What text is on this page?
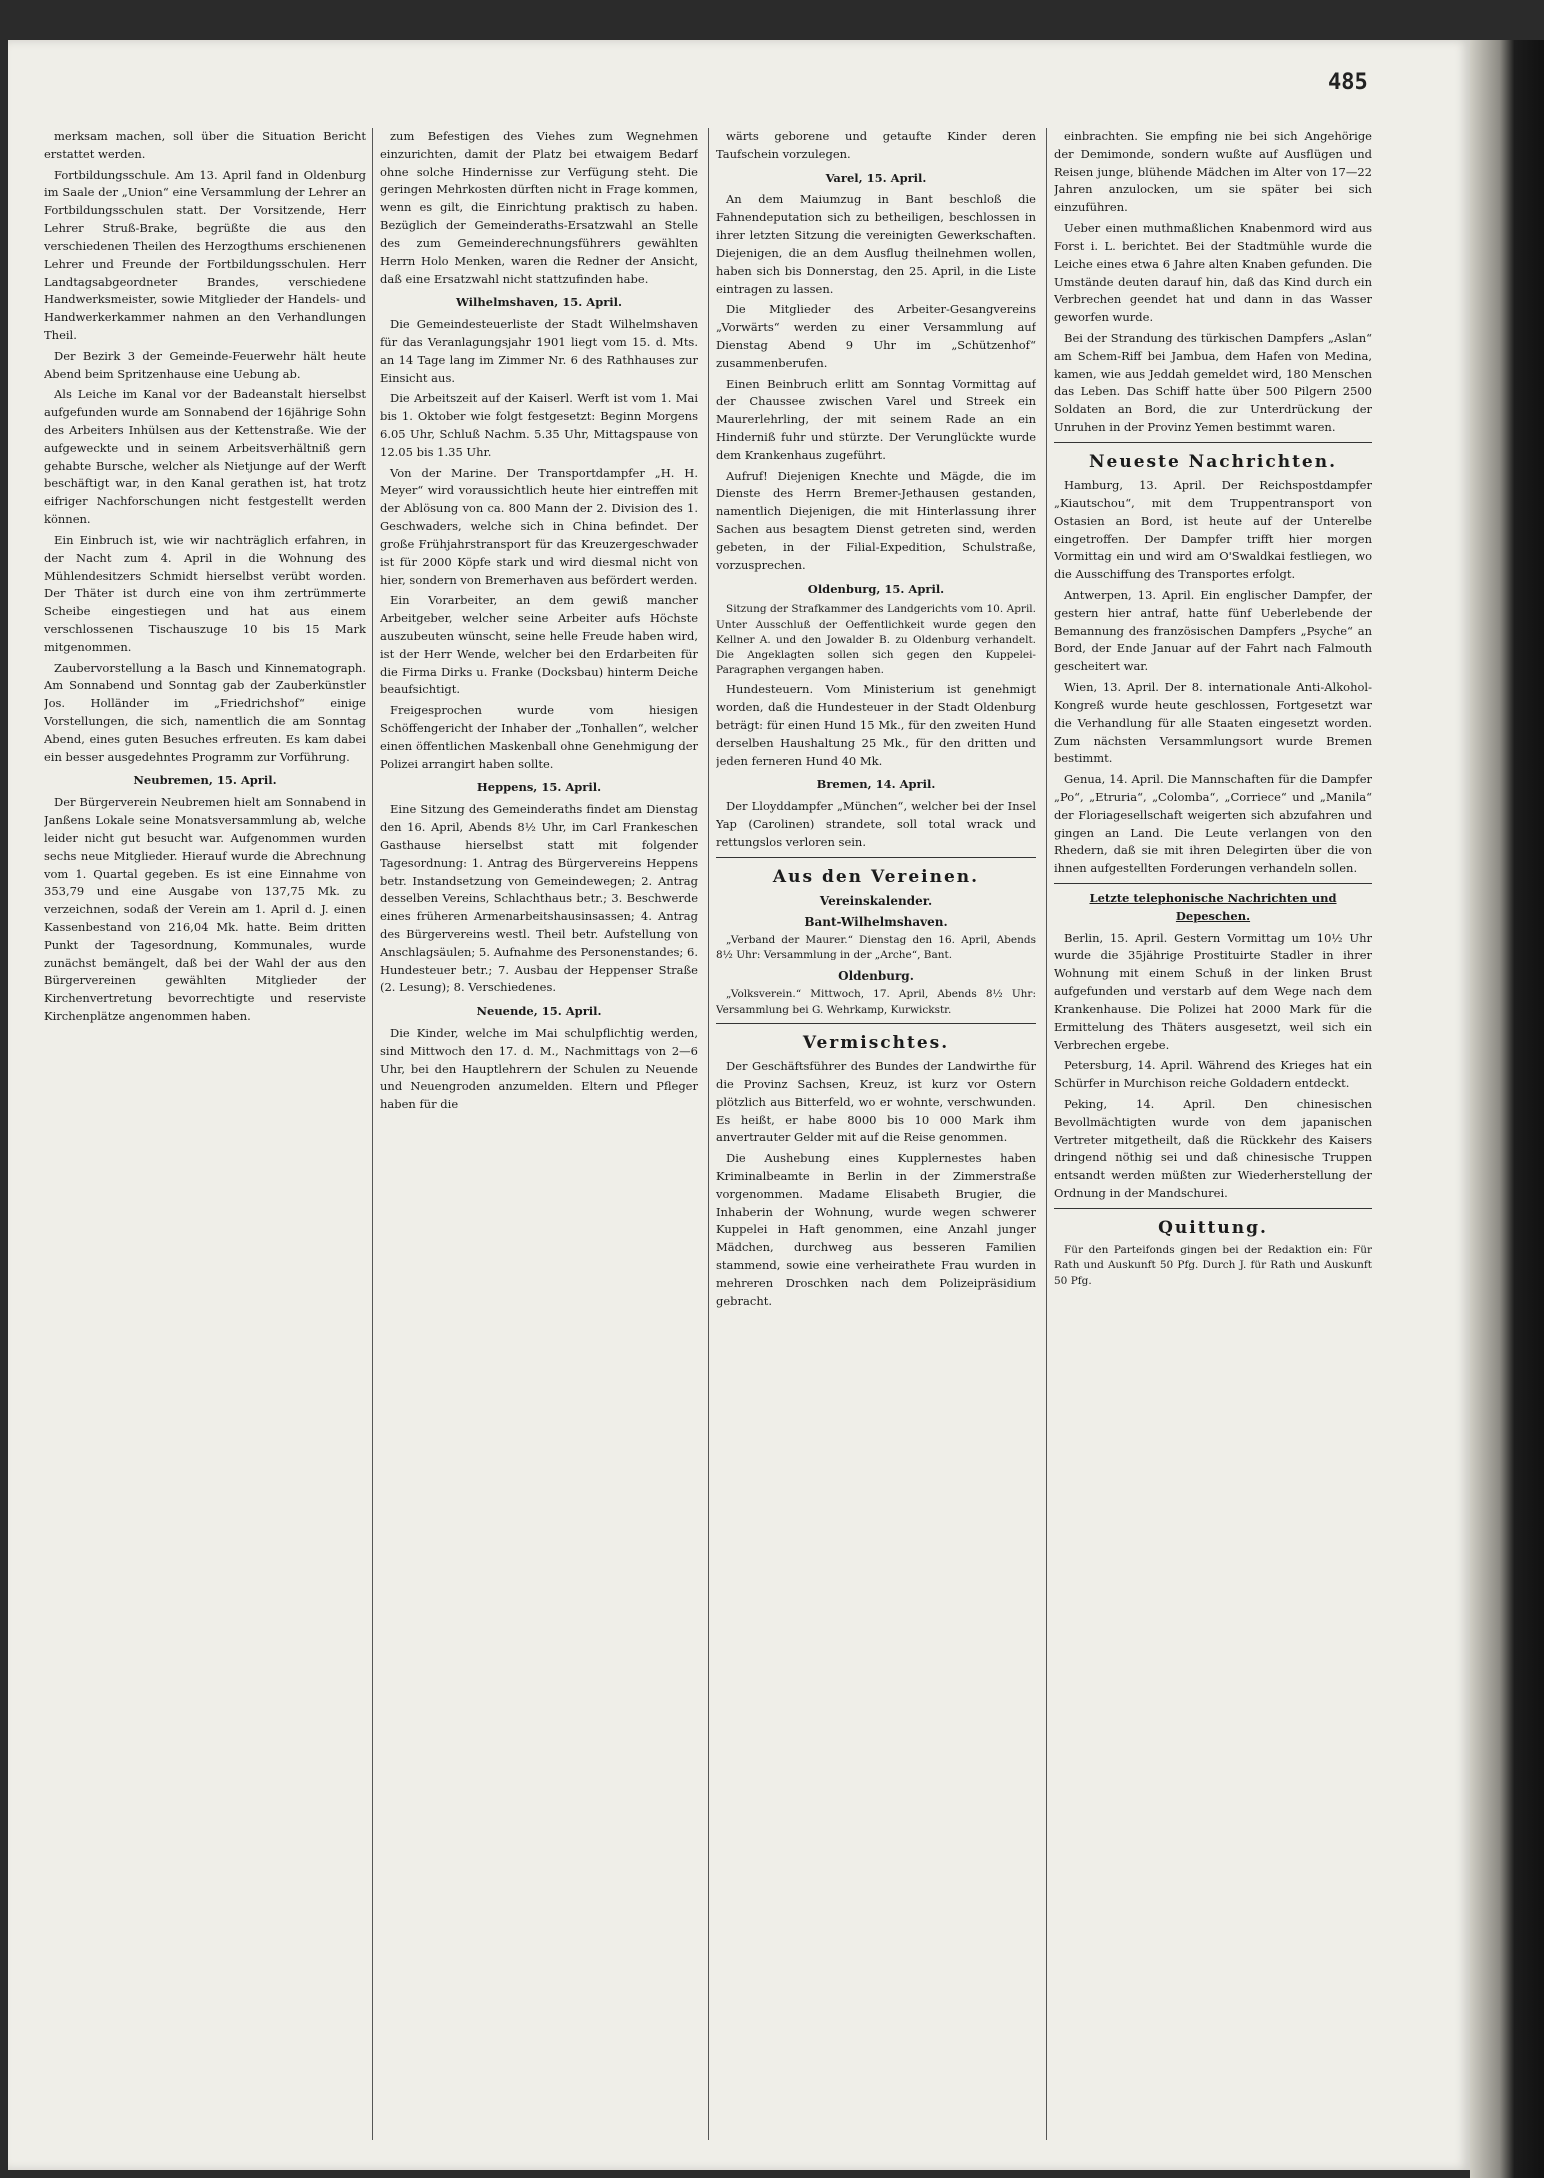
485

merksam machen, soll über die Situation Bericht erstattet werden.

Fortbildungsschule. Am 13. April fand in Oldenburg im Saale der „Union“ eine Versammlung der Lehrer an Fortbildungsschulen statt. Der Vorsitzende, Herr Lehrer Struß-Brake, begrüßte die aus den verschiedenen Theilen des Herzogthums erschienenen Lehrer und Freunde der Fortbildungsschulen. Herr Landtagsabgeordneter Brandes, verschiedene Handwerksmeister, sowie Mitglieder der Handels- und Handwerkerkammer nahmen an den Verhandlungen Theil.

Der Bezirk 3 der Gemeinde-Feuerwehr hält heute Abend beim Spritzenhause eine Uebung ab.

Als Leiche im Kanal vor der Badeanstalt hierselbst aufgefunden wurde am Sonnabend der 16jährige Sohn des Arbeiters Inhülsen aus der Kettenstraße. Wie der aufgeweckte und in seinem Arbeitsverhältniß gern gehabte Bursche, welcher als Nietjunge auf der Werft beschäftigt war, in den Kanal gerathen ist, hat trotz eifriger Nachforschungen nicht festgestellt werden können.

Ein Einbruch ist, wie wir nachträglich erfahren, in der Nacht zum 4. April in die Wohnung des Mühlendesitzers Schmidt hierselbst verübt worden. Der Thäter ist durch eine von ihm zertrümmerte Scheibe eingestiegen und hat aus einem verschlossenen Tischauszuge 10 bis 15 Mark mitgenommen.

Zaubervorstellung a la Basch und Kinnematograph. Am Sonnabend und Sonntag gab der Zauberkünstler Jos. Holländer im „Friedrichshof“ einige Vorstellungen, die sich, namentlich die am Sonntag Abend, eines guten Besuches erfreuten. Es kam dabei ein besser ausgedehntes Programm zur Vorführung.

Neubremen, 15. April.

Der Bürgerverein Neubremen hielt am Sonnabend in Janßens Lokale seine Monatsversammlung ab, welche leider nicht gut besucht war. Aufgenommen wurden sechs neue Mitglieder. Hierauf wurde die Abrechnung vom 1. Quartal gegeben. Es ist eine Einnahme von 353,79 und eine Ausgabe von 137,75 Mk. zu verzeichnen, sodaß der Verein am 1. April d. J. einen Kassenbestand von 216,04 Mk. hatte. Beim dritten Punkt der Tagesordnung, Kommunales, wurde zunächst bemängelt, daß bei der Wahl der aus den Bürgervereinen gewählten Mitglieder der Kirchenvertretung bevorrechtigte und reserviste Kirchenplätze angenommen haben.

zum Befestigen des Viehes zum Wegnehmen einzurichten, damit der Platz bei etwaigem Bedarf ohne solche Hindernisse zur Verfügung steht. Die geringen Mehrkosten dürften nicht in Frage kommen, wenn es gilt, die Einrichtung praktisch zu haben. Bezüglich der Gemeinderaths-Ersatzwahl an Stelle des zum Gemeinderechnungsführers gewählten Herrn Holo Menken, waren die Redner der Ansicht, daß eine Ersatzwahl nicht stattzufinden habe.

Wilhelmshaven, 15. April.

Die Gemeindesteuerliste der Stadt Wilhelmshaven für das Veranlagungsjahr 1901 liegt vom 15. d. Mts. an 14 Tage lang im Zimmer Nr. 6 des Rathhauses zur Einsicht aus.

Die Arbeitszeit auf der Kaiserl. Werft ist vom 1. Mai bis 1. Oktober wie folgt festgesetzt: Beginn Morgens 6.05 Uhr, Schluß Nachm. 5.35 Uhr, Mittagspause von 12.05 bis 1.35 Uhr.

Von der Marine. Der Transportdampfer „H. H. Meyer“ wird voraussichtlich heute hier eintreffen mit der Ablösung von ca. 800 Mann der 2. Division des 1. Geschwaders, welche sich in China befindet. Der große Frühjahrstransport für das Kreuzergeschwader ist für 2000 Köpfe stark und wird diesmal nicht von hier, sondern von Bremerhaven aus befördert werden.

Ein Vorarbeiter, an dem gewiß mancher Arbeitgeber, welcher seine Arbeiter aufs Höchste auszubeuten wünscht, seine helle Freude haben wird, ist der Herr Wende, welcher bei den Erdarbeiten für die Firma Dirks u. Franke (Docksbau) hinterm Deiche beaufsichtigt.

Freigesprochen wurde vom hiesigen Schöffengericht der Inhaber der „Tonhallen“, welcher einen öffentlichen Maskenball ohne Genehmigung der Polizei arrangirt haben sollte.

Heppens, 15. April.

Eine Sitzung des Gemeinderaths findet am Dienstag den 16. April, Abends 8½ Uhr, im Carl Frankeschen Gasthause hierselbst statt mit folgender Tagesordnung: 1. Antrag des Bürgervereins Heppens betr. Instandsetzung von Gemeindewegen; 2. Antrag desselben Vereins, Schlachthaus betr.; 3. Beschwerde eines früheren Armenarbeitshausinsassen; 4. Antrag des Bürgervereins westl. Theil betr. Aufstellung von Anschlagsäulen; 5. Aufnahme des Personenstandes; 6. Hundesteuer betr.; 7. Ausbau der Heppenser Straße (2. Lesung); 8. Verschiedenes.

Neuende, 15. April.

Die Kinder, welche im Mai schulpflichtig werden, sind Mittwoch den 17. d. M., Nachmittags von 2—6 Uhr, bei den Hauptlehrern der Schulen zu Neuende und Neuengroden anzumelden. Eltern und Pfleger haben für die

wärts geborene und getaufte Kinder deren Taufschein vorzulegen.

Varel, 15. April.

An dem Maiumzug in Bant beschloß die Fahnendeputation sich zu betheiligen, beschlossen in ihrer letzten Sitzung die vereinigten Gewerkschaften. Diejenigen, die an dem Ausflug theilnehmen wollen, haben sich bis Donnerstag, den 25. April, in die Liste eintragen zu lassen.

Die Mitglieder des Arbeiter-Gesangvereins „Vorwärts“ werden zu einer Versammlung auf Dienstag Abend 9 Uhr im „Schützenhof“ zusammenberufen.

Einen Beinbruch erlitt am Sonntag Vormittag auf der Chaussee zwischen Varel und Streek ein Maurerlehrling, der mit seinem Rade an ein Hinderniß fuhr und stürzte. Der Verunglückte wurde dem Krankenhaus zugeführt.

Aufruf! Diejenigen Knechte und Mägde, die im Dienste des Herrn Bremer-Jethausen gestanden, namentlich Diejenigen, die mit Hinterlassung ihrer Sachen aus besagtem Dienst getreten sind, werden gebeten, in der Filial-Expedition, Schulstraße, vorzusprechen.

Oldenburg, 15. April.

Sitzung der Strafkammer des Landgerichts vom 10. April. Unter Ausschluß der Oeffentlichkeit wurde gegen den Kellner A. und den Jowalder B. zu Oldenburg verhandelt. Die Angeklagten sollen sich gegen den Kuppelei-Paragraphen vergangen haben.

Hundesteuern. Vom Ministerium ist genehmigt worden, daß die Hundesteuer in der Stadt Oldenburg beträgt: für einen Hund 15 Mk., für den zweiten Hund derselben Haushaltung 25 Mk., für den dritten und jeden ferneren Hund 40 Mk.

Bremen, 14. April.

Der Lloyddampfer „München“, welcher bei der Insel Yap (Carolinen) strandete, soll total wrack und rettungslos verloren sein.

Aus den Vereinen.
Vereinskalender.
Bant-Wilhelmshaven.

„Verband der Maurer.“ Dienstag den 16. April, Abends 8½ Uhr: Versammlung in der „Arche“, Bant.

Oldenburg.

„Volksverein.“ Mittwoch, 17. April, Abends 8½ Uhr: Versammlung bei G. Wehrkamp, Kurwickstr.

Vermischtes.

Der Geschäftsführer des Bundes der Landwirthe für die Provinz Sachsen, Kreuz, ist kurz vor Ostern plötzlich aus Bitterfeld, wo er wohnte, verschwunden. Es heißt, er habe 8000 bis 10 000 Mark ihm anvertrauter Gelder mit auf die Reise genommen.

Die Aushebung eines Kupplernestes haben Kriminalbeamte in Berlin in der Zimmerstraße vorgenommen. Madame Elisabeth Brugier, die Inhaberin der Wohnung, wurde wegen schwerer Kuppelei in Haft genommen, eine Anzahl junger Mädchen, durchweg aus besseren Familien stammend, sowie eine verheirathete Frau wurden in mehreren Droschken nach dem Polizeipräsidium gebracht.

einbrachten. Sie empfing nie bei sich Angehörige der Demimonde, sondern wußte auf Ausflügen und Reisen junge, blühende Mädchen im Alter von 17—22 Jahren anzulocken, um sie später bei sich einzuführen.

Ueber einen muthmaßlichen Knabenmord wird aus Forst i. L. berichtet. Bei der Stadtmühle wurde die Leiche eines etwa 6 Jahre alten Knaben gefunden. Die Umstände deuten darauf hin, daß das Kind durch ein Verbrechen geendet hat und dann in das Wasser geworfen wurde.

Bei der Strandung des türkischen Dampfers „Aslan“ am Schem-Riff bei Jambua, dem Hafen von Medina, kamen, wie aus Jeddah gemeldet wird, 180 Menschen das Leben. Das Schiff hatte über 500 Pilgern 2500 Soldaten an Bord, die zur Unterdrückung der Unruhen in der Provinz Yemen bestimmt waren.

Neueste Nachrichten.

Hamburg, 13. April. Der Reichspostdampfer „Kiautschou“, mit dem Truppentransport von Ostasien an Bord, ist heute auf der Unterelbe eingetroffen. Der Dampfer trifft hier morgen Vormittag ein und wird am O'Swaldkai festliegen, wo die Ausschiffung des Transportes erfolgt.

Antwerpen, 13. April. Ein englischer Dampfer, der gestern hier antraf, hatte fünf Ueberlebende der Bemannung des französischen Dampfers „Psyche“ an Bord, der Ende Januar auf der Fahrt nach Falmouth gescheitert war.

Wien, 13. April. Der 8. internationale Anti-Alkohol-Kongreß wurde heute geschlossen, Fortgesetzt war die Verhandlung für alle Staaten eingesetzt worden. Zum nächsten Versammlungsort wurde Bremen bestimmt.

Genua, 14. April. Die Mannschaften für die Dampfer „Po“, „Etruria“, „Colomba“, „Corriece“ und „Manila“ der Floriagesellschaft weigerten sich abzufahren und gingen an Land. Die Leute verlangen von den Rhedern, daß sie mit ihren Delegirten über die von ihnen aufgestellten Forderungen verhandeln sollen.

Letzte telephonische Nachrichten und Depeschen.

Berlin, 15. April. Gestern Vormittag um 10½ Uhr wurde die 35jährige Prostituirte Stadler in ihrer Wohnung mit einem Schuß in der linken Brust aufgefunden und verstarb auf dem Wege nach dem Krankenhause. Die Polizei hat 2000 Mark für die Ermittelung des Thäters ausgesetzt, weil sich ein Verbrechen ergebe.

Petersburg, 14. April. Während des Krieges hat ein Schürfer in Murchison reiche Goldadern entdeckt.

Peking, 14. April. Den chinesischen Bevollmächtigten wurde von dem japanischen Vertreter mitgetheilt, daß die Rückkehr des Kaisers dringend nöthig sei und daß chinesische Truppen entsandt werden müßten zur Wiederherstellung der Ordnung in der Mandschurei.

Quittung.

Für den Parteifonds gingen bei der Redaktion ein: Für Rath und Auskunft 50 Pfg. Durch J. für Rath und Auskunft 50 Pfg.
